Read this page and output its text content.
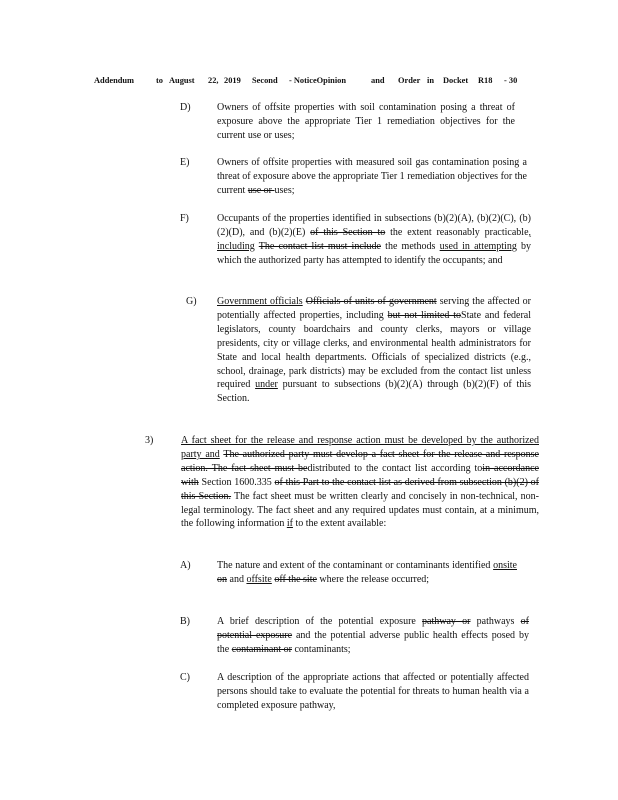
Addendum	to August 22, 2019 Second - NoticeOpinion	and Order in Docket R18 - 30
D)	Owners of offsite properties with soil contamination posing a threat of exposure above the appropriate Tier 1 remediation objectives for the current use or uses;
E)	Owners of offsite properties with measured soil gas contamination posing a threat of exposure above the appropriate Tier 1 remediation objectives for the current use or uses;
F)	Occupants of the properties identified in subsections (b)(2)(A), (b)(2)(C), (b)(2)(D), and (b)(2)(E) of this Section to the extent reasonably practicable, including The contact list must include the methods used in attempting by which the authorized party has attempted to identify the occupants; and
G) Government officials Officials of units of government serving the affected or potentially affected properties, including but not limited toState and federal legislators, county boardchairs and county clerks, mayors or village presidents, city or village clerks, and environmental health administrators for State and local health departments. Officials of specialized districts (e.g., school, drainage, park districts) may be excluded from the contact list unless required under pursuant to subsections (b)(2)(A) through (b)(2)(F) of this Section.
3)	A fact sheet for the release and response action must be developed by the authorized party and The authorized party must develop a fact sheet for the release and response action. The fact sheet must bedistributed to the contact list according toin accordance with Section 1600.335 of this Part to the contact list as derived from subsection (b)(2) of this Section. The fact sheet must be written clearly and concisely in non-technical, non-legal terminology. The fact sheet and any required updates must contain, at a minimum, the following information if to the extent available:
A)	The nature and extent of the contaminant or contaminants identified onsite on and offsite off the site where the release occurred;
B)	A brief description of the potential exposure pathway or pathways of potential exposure and the potential adverse public health effects posed by the contaminant or contaminants;
C)	A description of the appropriate actions that affected or potentially affected persons should take to evaluate the potential for threats to human health via a completed exposure pathway,
